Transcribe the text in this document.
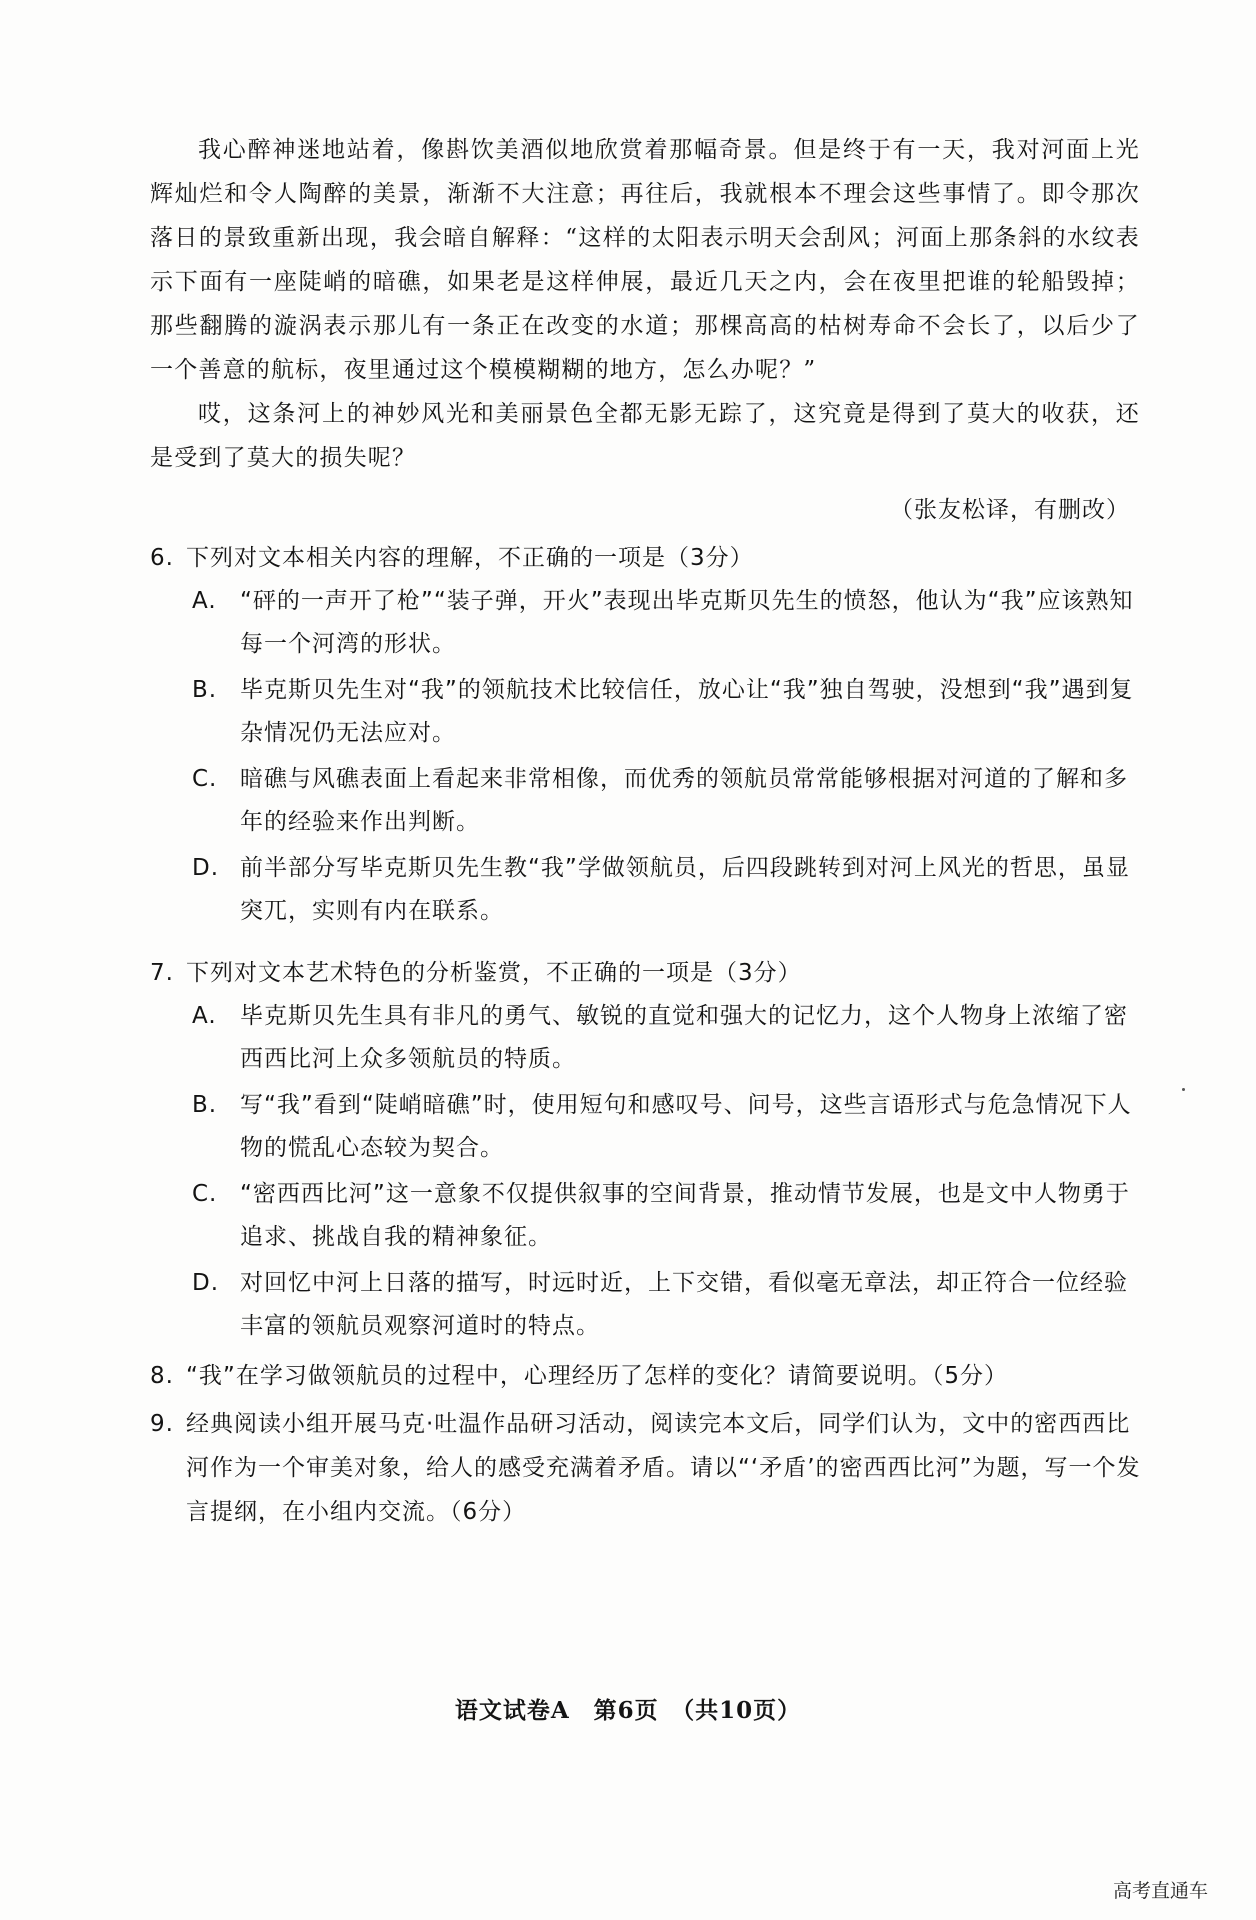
我心醉神迷地站着，像斟饮美酒似地欣赏着那幅奇景。但是终于有一天，我对河面上光辉灿烂和令人陶醉的美景，渐渐不大注意；再往后，我就根本不理会这些事情了。即令那次落日的景致重新出现，我会暗自解释：“这样的太阳表示明天会刮风；河面上那条斜的水纹表示下面有一座陡峭的暗礁，如果老是这样伸展，最近几天之内，会在夜里把谁的轮船毁掉；那些翻腾的漩涡表示那儿有一条正在改变的水道；那棵高高的枯树寿命不会长了，以后少了一个善意的航标，夜里通过这个模模糊糊的地方，怎么办呢？”

哎，这条河上的神妙风光和美丽景色全都无影无踪了，这究竟是得到了莫大的收获，还是受到了莫大的损失呢？

（张友松译，有删改）

6. 下列对文本相关内容的理解，不正确的一项是（3分）

A. “砰的一声开了枪”“装子弹，开火”表现出毕克斯贝先生的愤怒，他认为“我”应该熟知每一个河湾的形状。

B. 毕克斯贝先生对“我”的领航技术比较信任，放心让“我”独自驾驶，没想到“我”遇到复杂情况仍无法应对。

C. 暗礁与风礁表面上看起来非常相像，而优秀的领航员常常能够根据对河道的了解和多年的经验来作出判断。

D. 前半部分写毕克斯贝先生教“我”学做领航员，后四段跳转到对河上风光的哲思，虽显突兀，实则有内在联系。

7. 下列对文本艺术特色的分析鉴赏，不正确的一项是（3分）

A. 毕克斯贝先生具有非凡的勇气、敏锐的直觉和强大的记忆力，这个人物身上浓缩了密西西比河上众多领航员的特质。

B. 写“我”看到“陡峭暗礁”时，使用短句和感叹号、问号，这些言语形式与危急情况下人物的慌乱心态较为契合。

C. “密西西比河”这一意象不仅提供叙事的空间背景，推动情节发展，也是文中人物勇于追求、挑战自我的精神象征。

D. 对回忆中河上日落的描写，时远时近，上下交错，看似毫无章法，却正符合一位经验丰富的领航员观察河道时的特点。

8. “我”在学习做领航员的过程中，心理经历了怎样的变化？请简要说明。（5分）

9. 经典阅读小组开展马克·吐温作品研习活动，阅读完本文后，同学们认为，文中的密西西比河作为一个审美对象，给人的感受充满着矛盾。请以“‘矛盾’的密西西比河”为题，写一个发言提纲，在小组内交流。（6分）

语文试卷A　第6页　（共10页）
高考直通车
